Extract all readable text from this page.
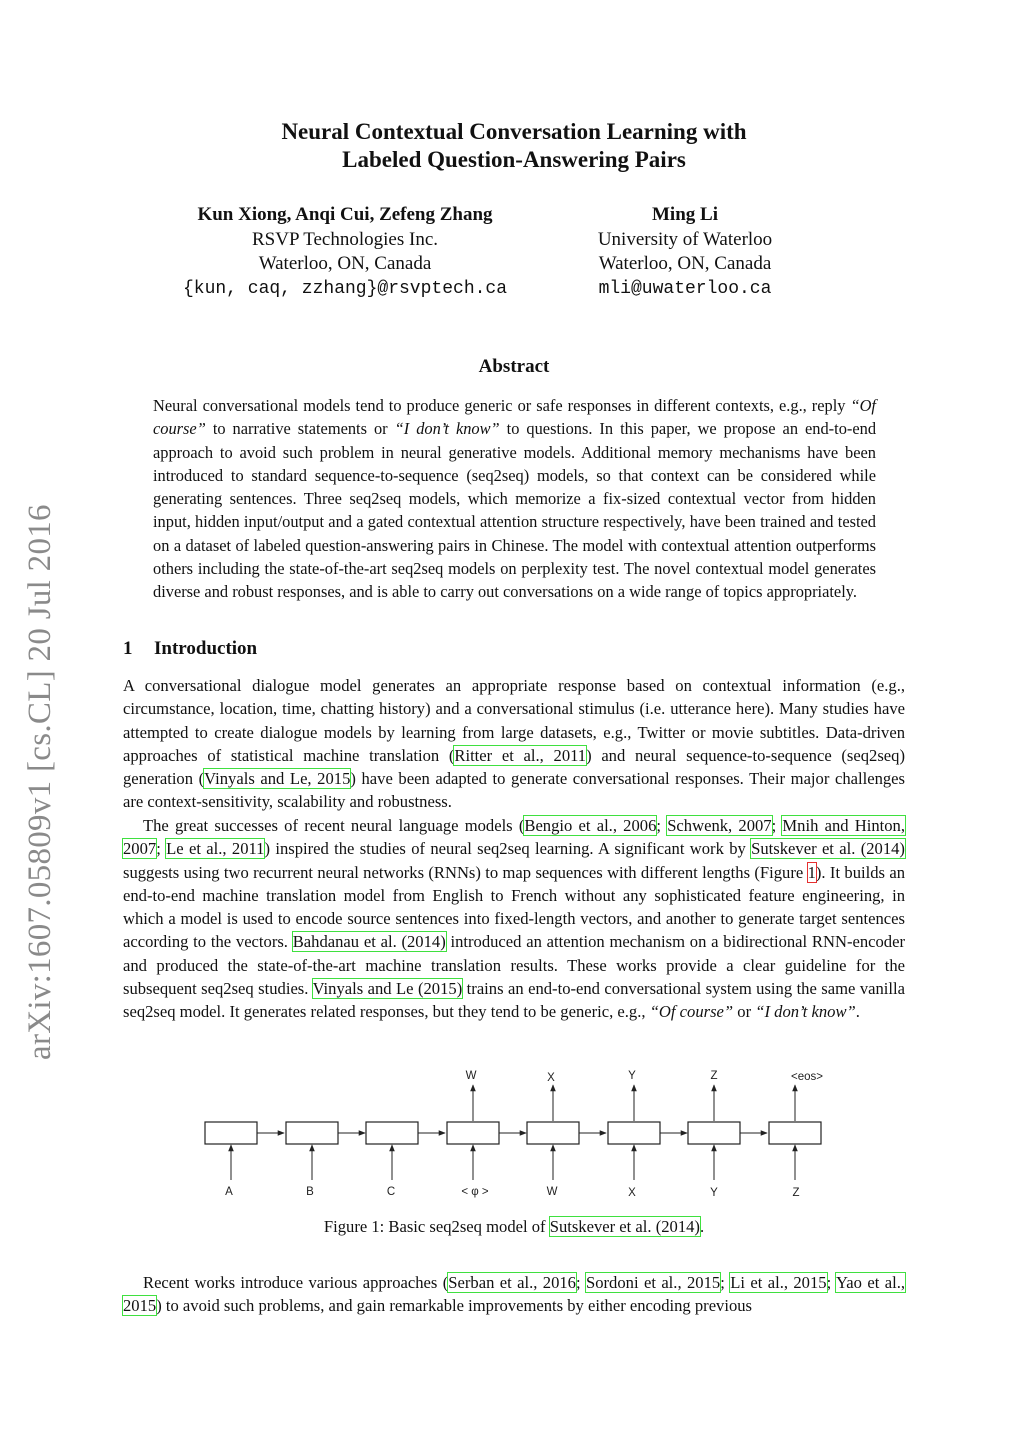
arXiv:1607.05809v1 [cs.CL] 20 Jul 2016
Neural Contextual Conversation Learning with
Labeled Question-Answering Pairs
Kun Xiong, Anqi Cui, Zefeng Zhang
RSVP Technologies Inc.
Waterloo, ON, Canada
{kun, caq, zzhang}@rsvptech.ca
Ming Li
University of Waterloo
Waterloo, ON, Canada
mli@uwaterloo.ca
Abstract
Neural conversational models tend to produce generic or safe responses in different contexts, e.g., reply “Of course” to narrative statements or “I don’t know” to questions. In this paper, we propose an end-to-end approach to avoid such problem in neural generative models. Additional memory mechanisms have been introduced to standard sequence-to-sequence (seq2seq) models, so that context can be considered while generating sentences. Three seq2seq models, which memorize a fix-sized contextual vector from hidden input, hidden input/output and a gated contextual attention structure respectively, have been trained and tested on a dataset of labeled question-answering pairs in Chinese. The model with contextual attention outperforms others including the state-of-the-art seq2seq models on perplexity test. The novel contextual model generates diverse and robust responses, and is able to carry out conversations on a wide range of topics appropriately.
1 Introduction
A conversational dialogue model generates an appropriate response based on contextual information (e.g., circumstance, location, time, chatting history) and a conversational stimulus (i.e. utterance here). Many studies have attempted to create dialogue models by learning from large datasets, e.g., Twitter or movie subtitles. Data-driven approaches of statistical machine translation (Ritter et al., 2011) and neural sequence-to-sequence (seq2seq) generation (Vinyals and Le, 2015) have been adapted to generate conversational responses. Their major challenges are context-sensitivity, scalability and robustness.
The great successes of recent neural language models (Bengio et al., 2006; Schwenk, 2007; Mnih and Hinton, 2007; Le et al., 2011) inspired the studies of neural seq2seq learning. A significant work by Sutskever et al. (2014) suggests using two recurrent neural networks (RNNs) to map sequences with different lengths (Figure 1). It builds an end-to-end machine translation model from English to French without any sophisticated feature engineering, in which a model is used to encode source sentences into fixed-length vectors, and another to generate target sentences according to the vectors. Bahdanau et al. (2014) introduced an attention mechanism on a bidirectional RNN-encoder and produced the state-of-the-art machine translation results. These works provide a clear guideline for the subsequent seq2seq studies. Vinyals and Le (2015) trains an end-to-end conversational system using the same vanilla seq2seq model. It generates related responses, but they tend to be generic, e.g., “Of course” or “I don’t know”.
W	X	Y	Z	<eos>
A	B	C	< φ >	W	X	Y	Z
Figure 1: Basic seq2seq model of Sutskever et al. (2014).
Recent works introduce various approaches (Serban et al., 2016; Sordoni et al., 2015; Li et al., 2015; Yao et al., 2015) to avoid such problems, and gain remarkable improvements by either encoding previous
